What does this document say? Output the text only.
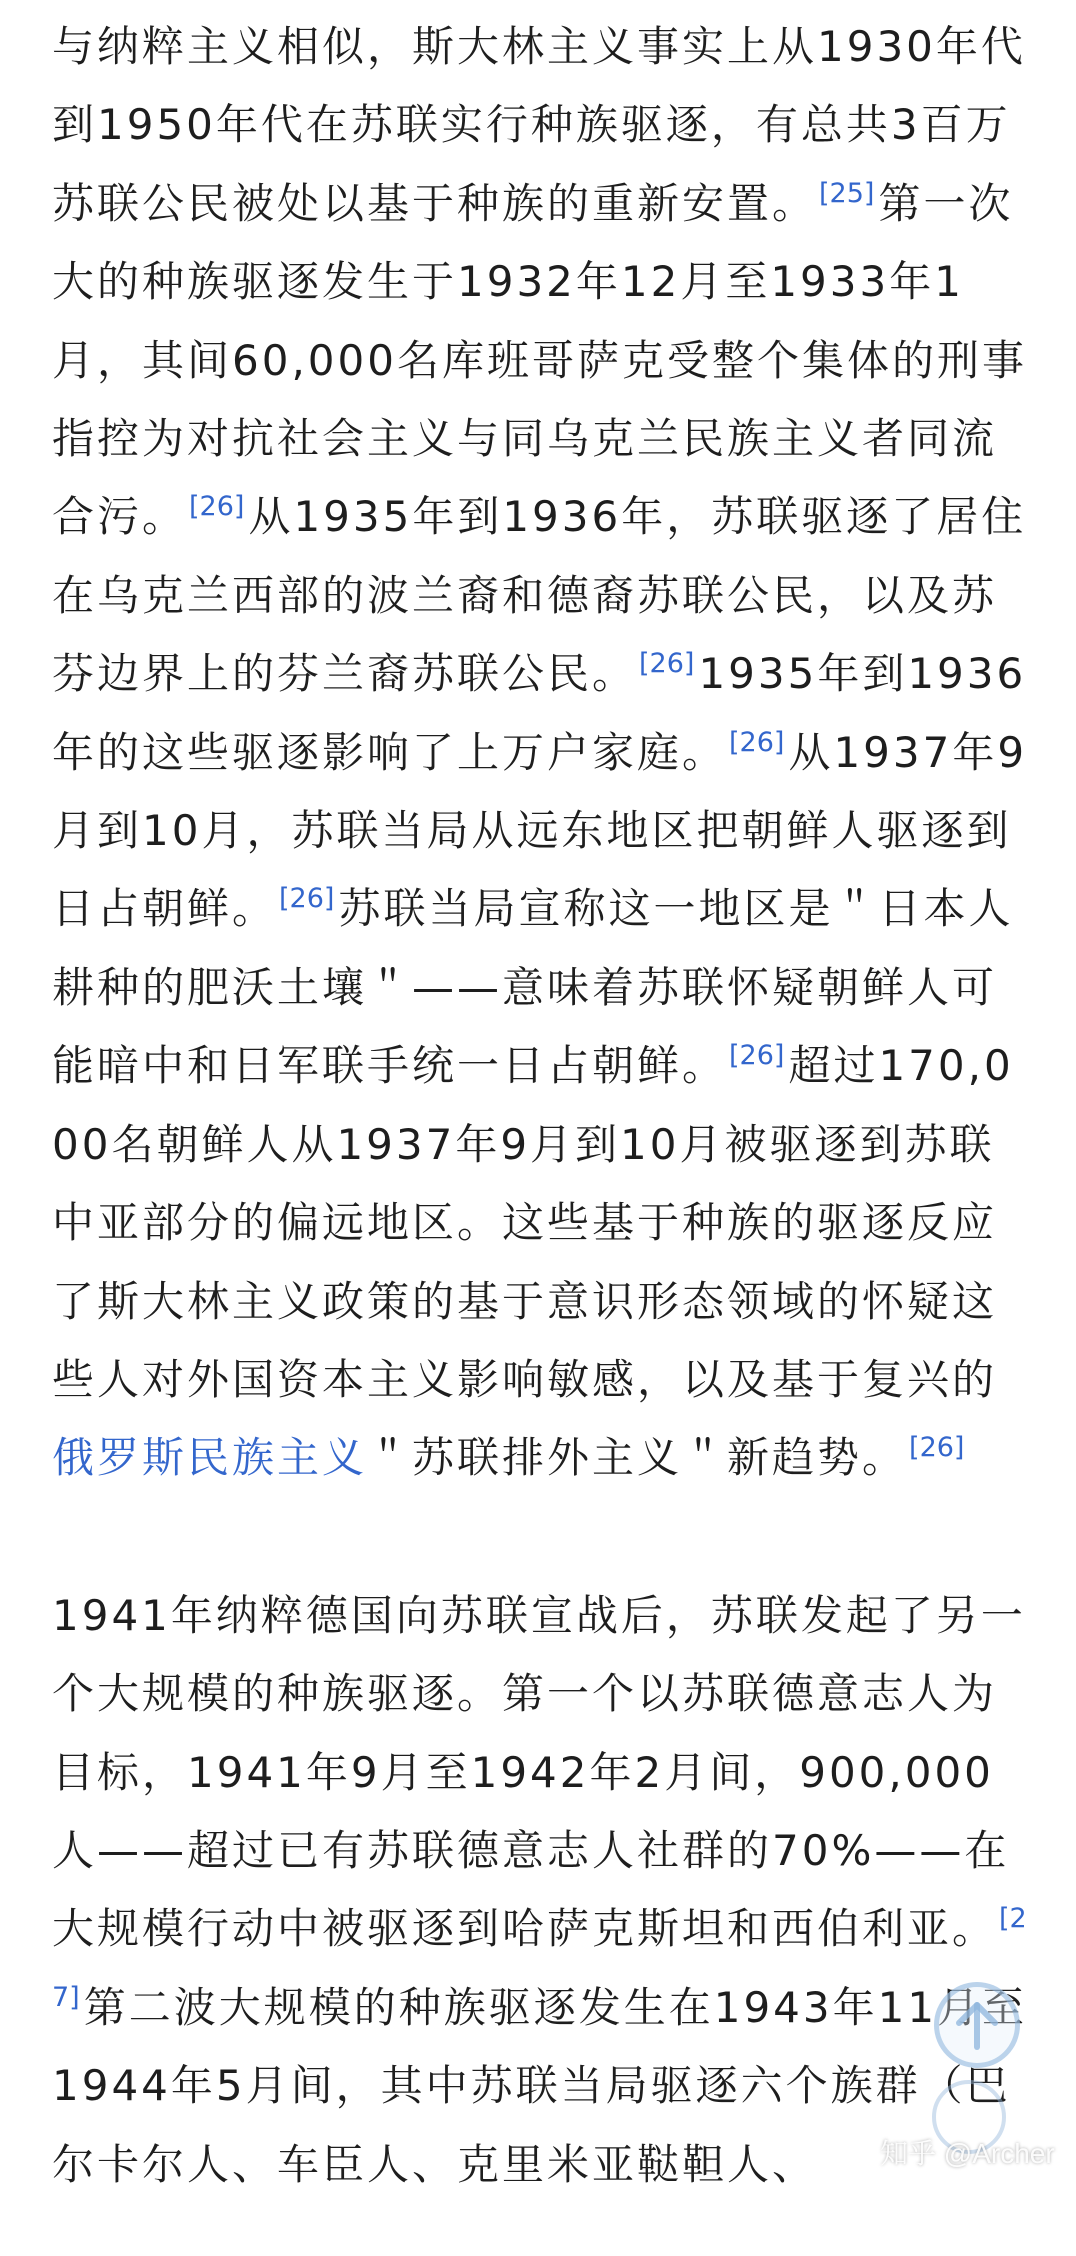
与纳粹主义相似，斯大林主义事实上从1930年代到1950年代在苏联实行种族驱逐，有总共3百万苏联公民被处以基于种族的重新安置。[25]第一次大的种族驱逐发生于1932年12月至1933年1月，其间60,000名库班哥萨克受整个集体的刑事指控为对抗社会主义与同乌克兰民族主义者同流合污。[26]从1935年到1936年，苏联驱逐了居住在乌克兰西部的波兰裔和德裔苏联公民，以及苏芬边界上的芬兰裔苏联公民。[26]1935年到1936年的这些驱逐影响了上万户家庭。[26]从1937年9月到10月，苏联当局从远东地区把朝鲜人驱逐到日占朝鲜。[26]苏联当局宣称这一地区是＂日本人耕种的肥沃土壤＂——意味着苏联怀疑朝鲜人可能暗中和日军联手统一日占朝鲜。[26]超过170,000名朝鲜人从1937年9月到10月被驱逐到苏联中亚部分的偏远地区。这些基于种族的驱逐反应了斯大林主义政策的基于意识形态领域的怀疑这些人对外国资本主义影响敏感，以及基于复兴的俄罗斯民族主义＂苏联排外主义＂新趋势。[26]

1941年纳粹德国向苏联宣战后，苏联发起了另一个大规模的种族驱逐。第一个以苏联德意志人为目标，1941年9月至1942年2月间，900,000人——超过已有苏联德意志人社群的70%——在大规模行动中被驱逐到哈萨克斯坦和西伯利亚。[27]第二波大规模的种族驱逐发生在1943年11月至1944年5月间，其中苏联当局驱逐六个族群（巴尔卡尔人、车臣人、克里米亚鞑靼人、	知乎 @Archer
